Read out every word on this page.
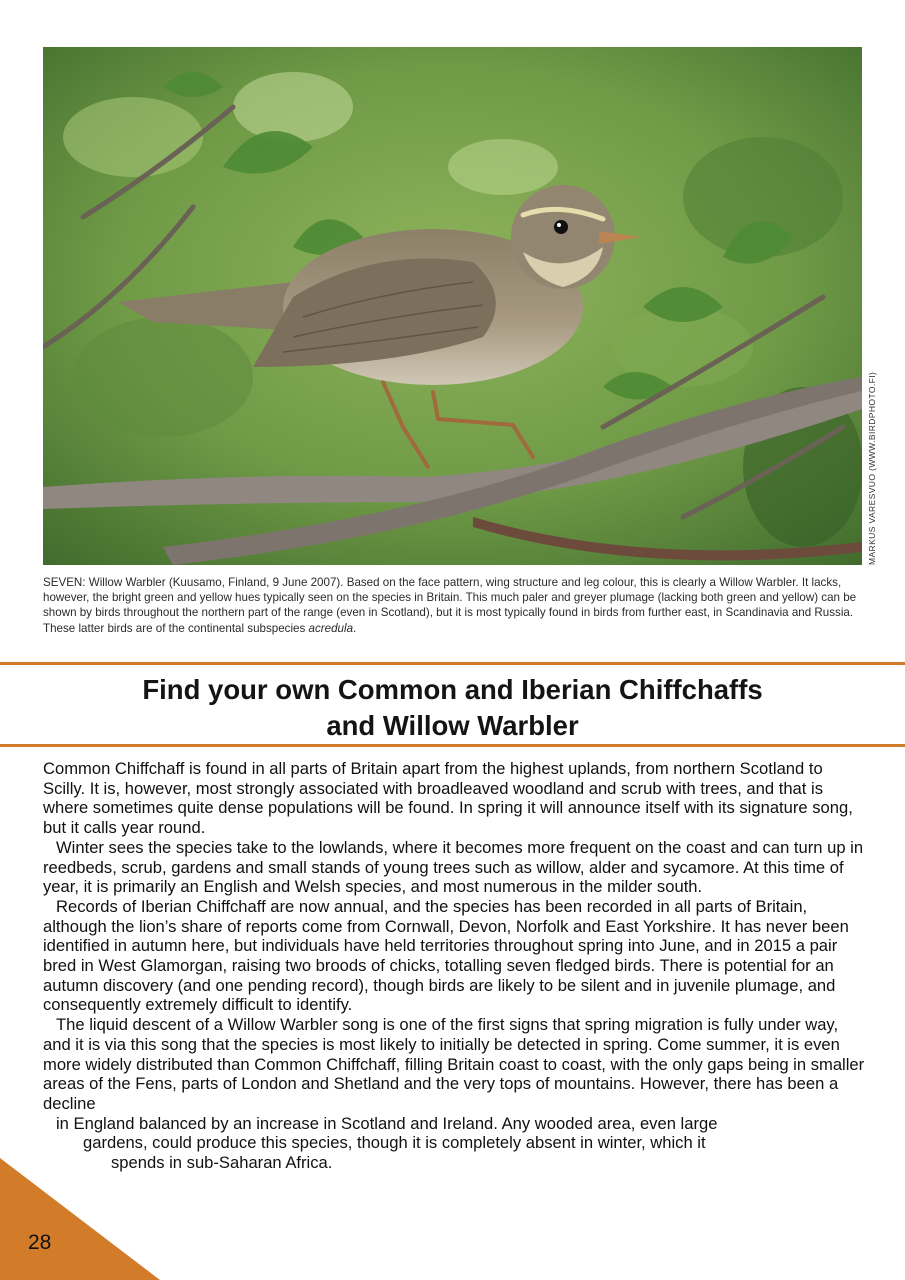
MARKUS VARESVUO (WWW.BIRDPHOTO.FI)
SEVEN: Willow Warbler (Kuusamo, Finland, 9 June 2007). Based on the face pattern, wing structure and leg colour, this is clearly a Willow Warbler. It lacks, however, the bright green and yellow hues typically seen on the species in Britain. This much paler and greyer plumage (lacking both green and yellow) can be shown by birds throughout the northern part of the range (even in Scotland), but it is most typically found in birds from further east, in Scandinavia and Russia. These latter birds are of the continental subspecies acredula.
Find your own Common and Iberian Chiffchaffs
and Willow Warbler

Common Chiffchaff is found in all parts of Britain apart from the highest uplands, from northern Scotland to Scilly. It is, however, most strongly associated with broadleaved woodland and scrub with trees, and that is where sometimes quite dense populations will be found. In spring it will announce itself with its signature song, but it calls year round.

Winter sees the species take to the lowlands, where it becomes more frequent on the coast and can turn up in reedbeds, scrub, gardens and small stands of young trees such as willow, alder and sycamore. At this time of year, it is primarily an English and Welsh species, and most numerous in the milder south.

Records of Iberian Chiffchaff are now annual, and the species has been recorded in all parts of Britain, although the lion’s share of reports come from Cornwall, Devon, Norfolk and East Yorkshire. It has never been identified in autumn here, but individuals have held territories throughout spring into June, and in 2015 a pair bred in West Glamorgan, raising two broods of chicks, totalling seven fledged birds. There is potential for an autumn discovery (and one pending record), though birds are likely to be silent and in juvenile plumage, and consequently extremely difficult to identify.

The liquid descent of a Willow Warbler song is one of the first signs that spring migration is fully under way, and it is via this song that the species is most likely to initially be detected in spring. Come summer, it is even more widely distributed than Common Chiffchaff, filling Britain coast to coast, with the only gaps being in smaller areas of the Fens, parts of London and Shetland and the very tops of mountains. However, there has been a decline

in England balanced by an increase in Scotland and Ireland. Any wooded area, even large
gardens, could produce this species, though it is completely absent in winter, which it
spends in sub-Saharan Africa.
28
